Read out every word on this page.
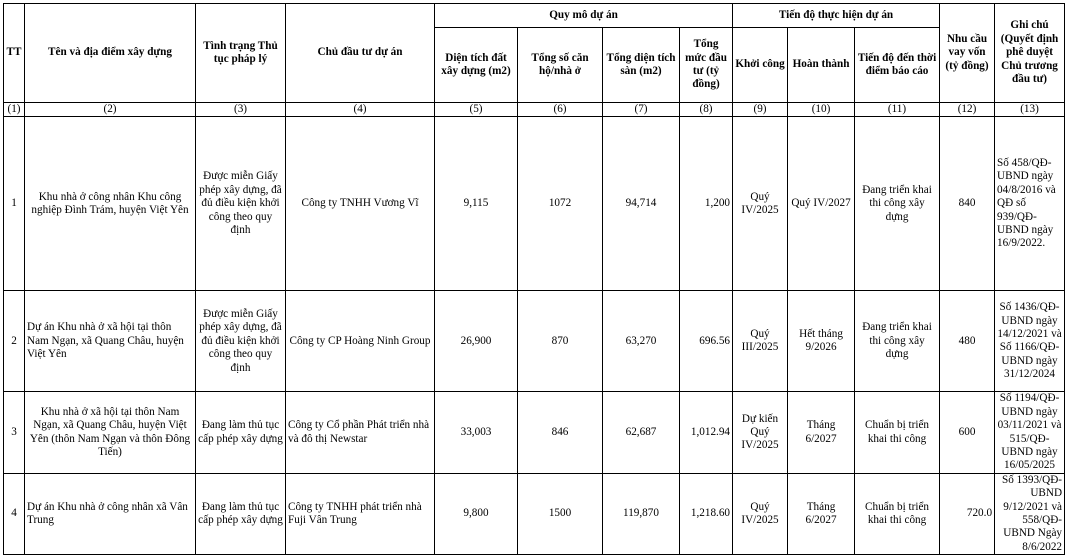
TT	Tên và địa điểm xây dựng	Tình trạng Thủ tục pháp lý	Chủ đầu tư dự án	Quy mô dự án				Tiến độ thực hiện dự án			Nhu cầu vay vốn (tỷ đồng)	Ghi chú (Quyết định phê duyệt Chủ trương đầu tư)
				Diện tích đất xây dựng (m2)	Tổng số căn hộ/nhà ở	Tổng diện tích sàn (m2)	Tổng mức đầu tư (tỷ đồng)	Khởi công	Hoàn thành	Tiến độ đến thời điểm báo cáo		
(1)	(2)	(3)	(4)	(5)	(6)	(7)	(8)	(9)	(10)	(11)	(12)	(13)
1	Khu nhà ở công nhân Khu công nghiệp Đình Trám, huyện Việt Yên	Được miễn Giấy phép xây dựng, đã đủ điều kiện khởi công theo quy định	Công ty TNHH Vương Vĩ	9,115	1072	94,714	1,200	Quý IV/2025	Quý IV/2027	Đang triển khai thi công xây dựng	840	Số 458/QĐ-UBND ngày 04/8/2016 và QĐ số 939/QĐ-UBND ngày 16/9/2022.
2	Dự án Khu nhà ở xã hội tại thôn Nam Ngạn, xã Quang Châu, huyện Việt Yên	Được miễn Giấy phép xây dựng, đã đủ điều kiện khởi công theo quy định	Công ty CP Hoàng Ninh Group	26,900	870	63,270	696.56	Quý III/2025	Hết tháng 9/2026	Đang triển khai thi công xây dựng	480	Số 1436/QĐ-UBND ngày 14/12/2021 và Số 1166/QĐ-UBND ngày 31/12/2024
3	Khu nhà ở xã hội tại thôn Nam Ngạn, xã Quang Châu, huyện Việt Yên (thôn Nam Ngạn và thôn Đông Tiến)	Đang làm thủ tục cấp phép xây dựng	Công ty Cổ phần Phát triển nhà và đô thị Newstar	33,003	846	62,687	1,012.94	Dự kiến Quý IV/2025	Tháng 6/2027	Chuẩn bị triển khai thi công	600	Số 1194/QĐ-UBND ngày 03/11/2021 và 515/QĐ-UBND ngày 16/05/2025
4	Dự án Khu nhà ở công nhân xã Vân Trung	Đang làm thủ tục cấp phép xây dựng	Công ty TNHH phát triển nhà Fuji Vân Trung	9,800	1500	119,870	1,218.60	Quý IV/2025	Tháng 6/2027	Chuẩn bị triển khai thi công	720.0	Số 1393/QĐ-UBND 9/12/2021 và 558/QĐ-UBND Ngày 8/6/2022
